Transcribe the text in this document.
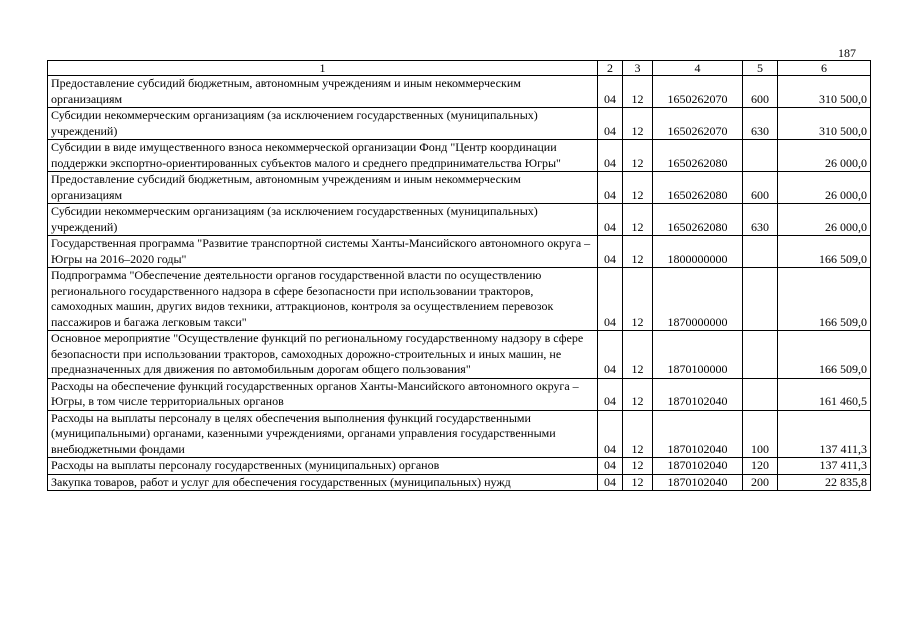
187
1	2	3	4	5	6
Предоставление субсидий бюджетным, автономным учреждениям и иным некоммерческим организациям	04	12	1650262070	600	310 500,0
Субсидии некоммерческим организациям (за исключением государственных (муниципальных) учреждений)	04	12	1650262070	630	310 500,0
Субсидии в виде имущественного взноса некоммерческой организации Фонд "Центр координации поддержки экспортно-ориентированных субъектов малого и среднего предпринимательства Югры"	04	12	1650262080		26 000,0
Предоставление субсидий бюджетным, автономным учреждениям и иным некоммерческим организациям	04	12	1650262080	600	26 000,0
Субсидии некоммерческим организациям (за исключением государственных (муниципальных) учреждений)	04	12	1650262080	630	26 000,0
Государственная программа "Развитие транспортной системы Ханты-Мансийского автономного округа – Югры на 2016–2020 годы"	04	12	1800000000		166 509,0
Подпрограмма "Обеспечение деятельности органов государственной власти по осуществлению регионального государственного надзора в сфере безопасности при использовании тракторов, самоходных машин, других видов техники, аттракционов, контроля за осуществлением перевозок пассажиров и багажа легковым такси"	04	12	1870000000		166 509,0
Основное мероприятие "Осуществление функций по региональному государственному надзору в сфере безопасности при использовании тракторов, самоходных дорожно-строительных и иных машин, не предназначенных для движения по автомобильным дорогам общего пользования"	04	12	1870100000		166 509,0
Расходы на обеспечение функций государственных органов Ханты-Мансийского автономного округа – Югры, в том числе территориальных органов	04	12	1870102040		161 460,5
Расходы на выплаты персоналу в целях обеспечения выполнения функций государственными (муниципальными) органами, казенными учреждениями, органами управления государственными внебюджетными фондами	04	12	1870102040	100	137 411,3
Расходы на выплаты персоналу государственных (муниципальных) органов	04	12	1870102040	120	137 411,3
Закупка товаров, работ и услуг для обеспечения государственных (муниципальных) нужд	04	12	1870102040	200	22 835,8
